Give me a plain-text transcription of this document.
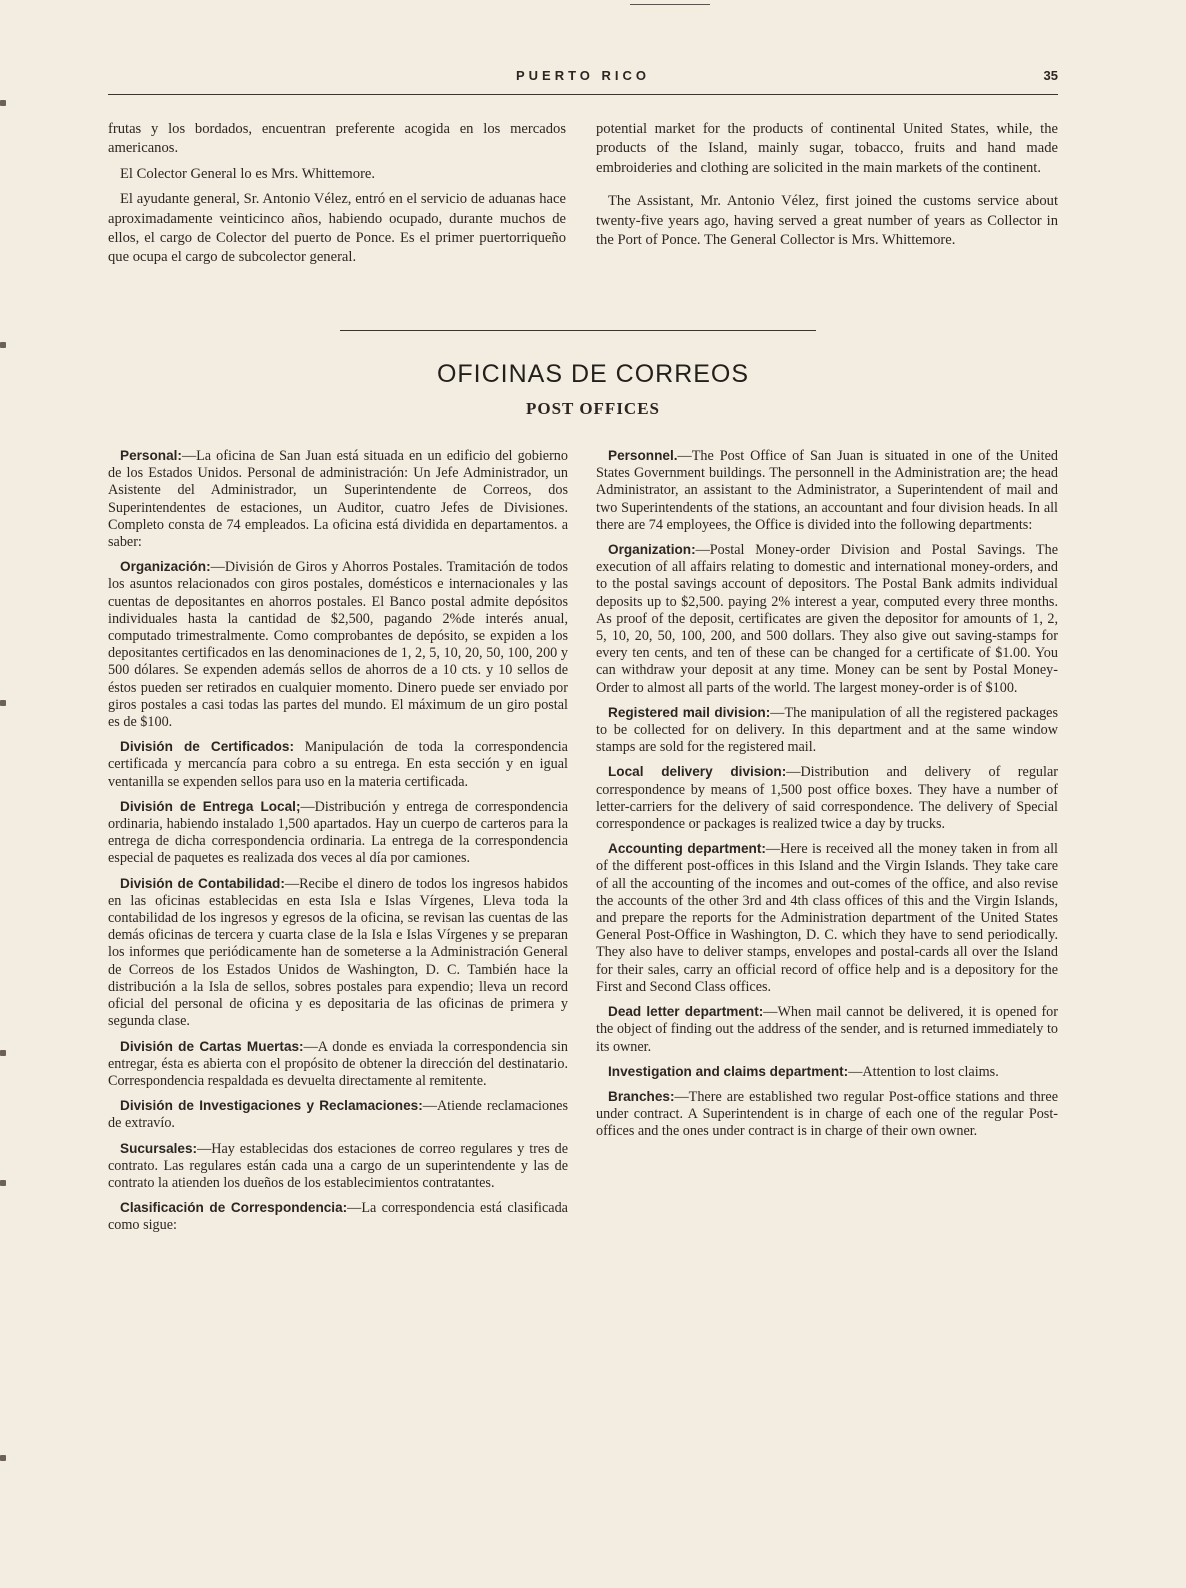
PUERTO RICO	35

frutas y los bordados, encuentran preferente acogida en los mercados americanos.

El Colector General lo es Mrs. Whittemore.

El ayudante general, Sr. Antonio Vélez, entró en el servicio de aduanas hace aproximadamente veinticinco años, habiendo ocupado, durante muchos de ellos, el cargo de Colector del puerto de Ponce. Es el primer puertorriqueño que ocupa el cargo de subcolector general.

potential market for the products of continental United States, while, the products of the Island, mainly sugar, tobacco, fruits and hand made embroideries and clothing are solicited in the main markets of the continent.

The Assistant, Mr. Antonio Vélez, first joined the customs service about twenty-five years ago, having served a great number of years as Collector in the Port of Ponce. The General Collector is Mrs. Whittemore.

OFICINAS DE CORREOS
POST OFFICES

Personal:—La oficina de San Juan está situada en un edificio del gobierno de los Estados Unidos. Personal de administración: Un Jefe Administrador, un Asistente del Administrador, un Superintendente de Correos, dos Superintendentes de estaciones, un Auditor, cuatro Jefes de Divisiones. Completo consta de 74 empleados. La oficina está dividida en departamentos. a saber:

Organización:—División de Giros y Ahorros Postales. Tramitación de todos los asuntos relacionados con giros postales, domésticos e internacionales y las cuentas de depositantes en ahorros postales. El Banco postal admite depósitos individuales hasta la cantidad de $2,500, pagando 2%de interés anual, computado trimestralmente. Como comprobantes de depósito, se expiden a los depositantes certificados en las denominaciones de 1, 2, 5, 10, 20, 50, 100, 200 y 500 dólares. Se expenden además sellos de ahorros de a 10 cts. y 10 sellos de éstos pueden ser retirados en cualquier momento. Dinero puede ser enviado por giros postales a casi todas las partes del mundo. El máximum de un giro postal es de $100.

División de Certificados: Manipulación de toda la correspondencia certificada y mercancía para cobro a su entrega. En esta sección y en igual ventanilla se expenden sellos para uso en la materia certificada.

División de Entrega Local;—Distribución y entrega de correspondencia ordinaria, habiendo instalado 1,500 apartados. Hay un cuerpo de carteros para la entrega de dicha correspondencia ordinaria. La entrega de la correspondencia especial de paquetes es realizada dos veces al día por camiones.

División de Contabilidad:—Recibe el dinero de todos los ingresos habidos en las oficinas establecidas en esta Isla e Islas Vírgenes, Lleva toda la contabilidad de los ingresos y egresos de la oficina, se revisan las cuentas de las demás oficinas de tercera y cuarta clase de la Isla e Islas Vírgenes y se preparan los informes que periódicamente han de someterse a la Administración General de Correos de los Estados Unidos de Washington, D. C. También hace la distribución a la Isla de sellos, sobres postales para expendio; lleva un record oficial del personal de oficina y es depositaria de las oficinas de primera y segunda clase.

División de Cartas Muertas:—A donde es enviada la correspondencia sin entregar, ésta es abierta con el propósito de obtener la dirección del destinatario. Correspondencia respaldada es devuelta directamente al remitente.

División de Investigaciones y Reclamaciones:—Atiende reclamaciones de extravío.

Sucursales:—Hay establecidas dos estaciones de correo regulares y tres de contrato. Las regulares están cada una a cargo de un superintendente y las de contrato la atienden los dueños de los establecimientos contratantes.

Clasificación de Correspondencia:—La correspondencia está clasificada como sigue:

Personnel.—The Post Office of San Juan is situated in one of the United States Government buildings. The personnell in the Administration are; the head Administrator, an assistant to the Administrator, a Superintendent of mail and two Superintendents of the stations, an accountant and four division heads. In all there are 74 employees, the Office is divided into the following departments:

Organization:—Postal Money-order Division and Postal Savings. The execution of all affairs relating to domestic and international money-orders, and to the postal savings account of depositors. The Postal Bank admits individual deposits up to $2,500. paying 2% interest a year, computed every three months. As proof of the deposit, certificates are given the depositor for amounts of 1, 2, 5, 10, 20, 50, 100, 200, and 500 dollars. They also give out saving-stamps for every ten cents, and ten of these can be changed for a certificate of $1.00. You can withdraw your deposit at any time. Money can be sent by Postal Money-Order to almost all parts of the world. The largest money-order is of $100.

Registered mail division:—The manipulation of all the registered packages to be collected for on delivery. In this department and at the same window stamps are sold for the registered mail.

Local delivery division:—Distribution and delivery of regular correspondence by means of 1,500 post office boxes. They have a number of letter-carriers for the delivery of said correspondence. The delivery of Special correspondence or packages is realized twice a day by trucks.

Accounting department:—Here is received all the money taken in from all of the different post-offices in this Island and the Virgin Islands. They take care of all the accounting of the incomes and out-comes of the office, and also revise the accounts of the other 3rd and 4th class offices of this and the Virgin Islands, and prepare the reports for the Administration department of the United States General Post-Office in Washington, D. C. which they have to send periodically. They also have to deliver stamps, envelopes and postal-cards all over the Island for their sales, carry an official record of office help and is a depository for the First and Second Class offices.

Dead letter department:—When mail cannot be delivered, it is opened for the object of finding out the address of the sender, and is returned immediately to its owner.

Investigation and claims department:—Attention to lost claims.

Branches:—There are established two regular Post-office stations and three under contract. A Superintendent is in charge of each one of the regular Post-offices and the ones under contract is in charge of their own owner.
